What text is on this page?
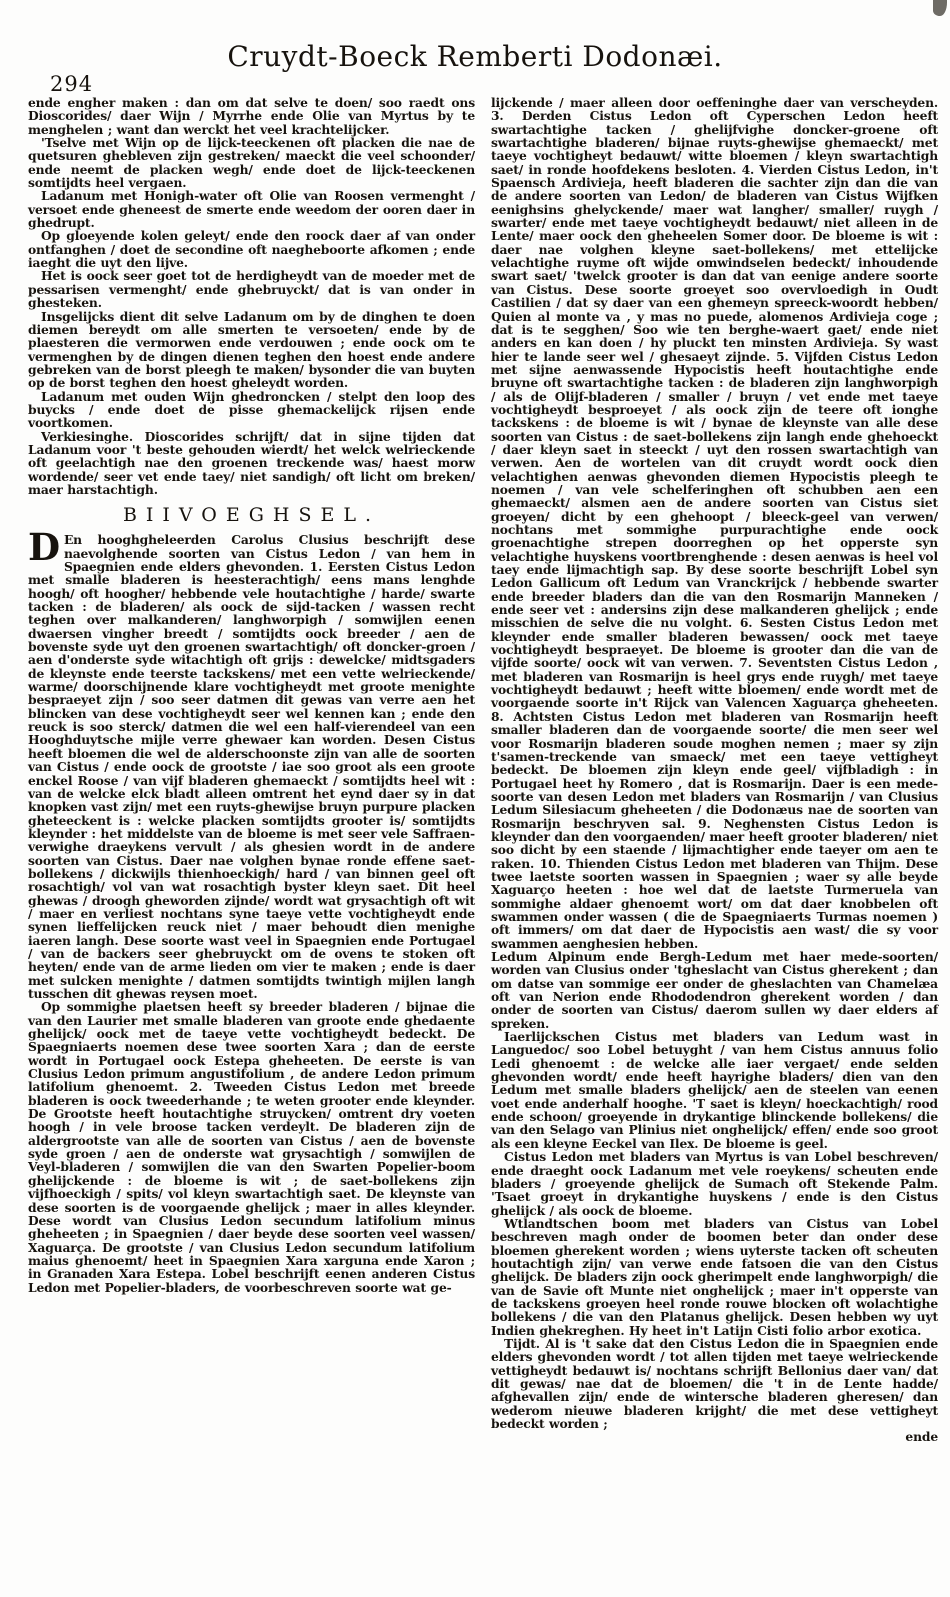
294
Cruydt-Boeck Remberti Dodonæi.

ende engher maken : dan om dat selve te doen/ soo raedt ons Dioscorides/ daer Wijn / Myrrhe ende Olie van Myrtus by te menghelen ; want dan werckt het veel krachtelijcker.

'Tselve met Wijn op de lijck-teeckenen oft placken die nae de quetsuren ghebleven zijn gestreken/ maeckt die veel schoonder/ ende neemt de placken wegh/ ende doet de lijck-teeckenen somtijdts heel vergaen.

Ladanum met Honigh-water oft Olie van Roosen vermenght / versoet ende gheneest de smerte ende weedom der ooren daer in ghedrupt.

Op gloeyende kolen geleyt/ ende den roock daer af van onder ontfanghen / doet de secondine oft naegheboorte afkomen ; ende iaeght die uyt den lijve.

Het is oock seer goet tot de herdigheydt van de moeder met de pessarisen vermenght/ ende ghebruyckt/ dat is van onder in ghesteken.

Insgelijcks dient dit selve Ladanum om by de dinghen te doen diemen bereydt om alle smerten te versoeten/ ende by de plaesteren die vermorwen ende verdouwen ; ende oock om te vermenghen by de dingen dienen teghen den hoest ende andere gebreken van de borst pleegh te maken/ bysonder die van buyten op de borst teghen den hoest gheleydt worden.

Ladanum met ouden Wijn ghedroncken / stelpt den loop des buycks / ende doet de pisse ghemackelijck rijsen ende voortkomen.

Verkiesinghe. Dioscorides schrijft/ dat in sijne tijden dat Ladanum voor 't beste gehouden wierdt/ het welck welrieckende oft geelachtigh nae den groenen treckende was/ haest morw wordende/ seer vet ende taey/ niet sandigh/ oft licht om breken/ maer harstachtigh.

BIIVOEGHSEL.

D En hooghgheleerden Carolus Clusius beschrijft dese naevolghende soorten van Cistus Ledon / van hem in Spaegnien ende elders ghevonden. 1. Eersten Cistus Ledon met smalle bladeren is heesterachtigh/ eens mans lenghde hoogh/ oft hoogher/ hebbende vele houtachtighe / harde/ swarte tacken : de bladeren/ als oock de sijd-tacken / wassen recht teghen over malkanderen/ langhworpigh / somwijlen eenen dwaersen vingher breedt / somtijdts oock breeder / aen de bovenste syde uyt den groenen swartachtigh/ oft doncker-groen / aen d'onderste syde witachtigh oft grijs : dewelcke/ midtsgaders de kleynste ende teerste tackskens/ met een vette welrieckende/ warme/ doorschijnende klare vochtigheydt met groote menighte bespraeyet zijn / soo seer datmen dit gewas van verre aen het blincken van dese vochtigheydt seer wel kennen kan ; ende den reuck is soo sterck/ datmen die wel een half-vierendeel van een Hooghduytsche mijle verre ghewaer kan worden. Desen Cistus heeft bloemen die wel de alderschoonste zijn van alle de soorten van Cistus / ende oock de grootste / iae soo groot als een groote enckel Roose / van vijf bladeren ghemaeckt / somtijdts heel wit : van de welcke elck bladt alleen omtrent het eynd daer sy in dat knopken vast zijn/ met een ruyts-ghewijse bruyn purpure placken gheteeckent is : welcke placken somtijdts grooter is/ somtijdts kleynder : het middelste van de bloeme is met seer vele Saffraen-verwighe draeykens vervult / als ghesien wordt in de andere soorten van Cistus. Daer nae volghen bynae ronde effene saet-bollekens / dickwijls thienhoeckigh/ hard / van binnen geel oft rosachtigh/ vol van wat rosachtigh byster kleyn saet. Dit heel ghewas / droogh gheworden zijnde/ wordt wat grysachtigh oft wit / maer en verliest nochtans syne taeye vette vochtigheydt ende synen lieffelijcken reuck niet / maer behoudt dien menighe iaeren langh. Dese soorte wast veel in Spaegnien ende Portugael / van de backers seer ghebruyckt om de ovens te stoken oft heyten/ ende van de arme lieden om vier te maken ; ende is daer met sulcken menighte / datmen somtijdts twintigh mijlen langh tusschen dit ghewas reysen moet.

Op sommighe plaetsen heeft sy breeder bladeren / bijnae die van den Laurier met smalle bladeren van groote ende ghedaente ghelijck/ oock met de taeye vette vochtigheydt bedeckt. De Spaegniaerts noemen dese twee soorten Xara ; dan de eerste wordt in Portugael oock Estepa gheheeten. De eerste is van Clusius Ledon primum angustifolium , de andere Ledon primum latifolium ghenoemt. 2. Tweeden Cistus Ledon met breede bladeren is oock tweederhande ; te weten grooter ende kleynder. De Grootste heeft houtachtighe struycken/ omtrent dry voeten hoogh / in vele broose tacken verdeylt. De bladeren zijn de aldergrootste van alle de soorten van Cistus / aen de bovenste syde groen / aen de onderste wat grysachtigh / somwijlen de Veyl-bladeren / somwijlen die van den Swarten Popelier-boom ghelijckende : de bloeme is wit ; de saet-bollekens zijn vijfhoeckigh / spits/ vol kleyn swartachtigh saet. De kleynste van dese soorten is de voorgaende ghelijck ; maer in alles kleynder. Dese wordt van Clusius Ledon secundum latifolium minus gheheeten ; in Spaegnien / daer beyde dese soorten veel wassen/ Xaguarça. De grootste / van Clusius Ledon secundum latifolium maius ghenoemt/ heet in Spaegnien Xara xarguna ende Xaron ; in Granaden Xara Estepa. Lobel beschrijft eenen anderen Cistus Ledon met Popelier-bladers, de voorbeschreven soorte wat ge-

lijckende / maer alleen door oeffeninghe daer van verscheyden. 3. Derden Cistus Ledon oft Cyperschen Ledon heeft swartachtighe tacken / ghelijfvighe doncker-groene oft swartachtighe bladeren/ bijnae ruyts-ghewijse ghemaeckt/ met taeye vochtigheyt bedauwt/ witte bloemen / kleyn swartachtigh saet/ in ronde hoofdekens besloten. 4. Vierden Cistus Ledon, in't Spaensch Ardivieja, heeft bladeren die sachter zijn dan die van de andere soorten van Ledon/ de bladeren van Cistus Wijfken eenighsins ghelyckende/ maer wat langher/ smaller/ ruygh / swarter/ ende met taeye vochtigheydt bedauwt/ niet alleen in de Lente/ maer oock den gheheelen Somer door. De bloeme is wit : daer nae volghen kleyne saet-bollekens/ met ettelijcke velachtighe ruyme oft wijde omwindselen bedeckt/ inhoudende swart saet/ 'twelck grooter is dan dat van eenige andere soorte van Cistus. Dese soorte groeyet soo overvloedigh in Oudt Castilien / dat sy daer van een ghemeyn spreeck-woordt hebben/ Quien al monte va , y mas no puede, alomenos Ardivieja coge ; dat is te segghen/ Soo wie ten berghe-waert gaet/ ende niet anders en kan doen / hy pluckt ten minsten Ardivieja. Sy wast hier te lande seer wel / ghesaeyt zijnde. 5. Vijfden Cistus Ledon met sijne aenwassende Hypocistis heeft houtachtighe ende bruyne oft swartachtighe tacken : de bladeren zijn langhworpigh / als de Olijf-bladeren / smaller / bruyn / vet ende met taeye vochtigheydt besproeyet / als oock zijn de teere oft ionghe tackskens : de bloeme is wit / bynae de kleynste van alle dese soorten van Cistus : de saet-bollekens zijn langh ende ghehoeckt / daer kleyn saet in steeckt / uyt den rossen swartachtigh van verwen. Aen de wortelen van dit cruydt wordt oock dien velachtighen aenwas ghevonden diemen Hypocistis pleegh te noemen / van vele schelferinghen oft schubben aen een ghemaeckt/ alsmen aen de andere soorten van Cistus siet groeyen/ dicht by een ghehoopt / bleeck-geel van verwen/ nochtans met sommighe purpurachtighe ende oock groenachtighe strepen doorreghen op het opperste syn velachtighe huyskens voortbrenghende : desen aenwas is heel vol taey ende lijmachtigh sap. By dese soorte beschrijft Lobel syn Ledon Gallicum oft Ledum van Vranckrijck / hebbende swarter ende breeder bladers dan die van den Rosmarijn Manneken / ende seer vet : andersins zijn dese malkanderen ghelijck ; ende misschien de selve die nu volght. 6. Sesten Cistus Ledon met kleynder ende smaller bladeren bewassen/ oock met taeye vochtigheydt bespraeyet. De bloeme is grooter dan die van de vijfde soorte/ oock wit van verwen. 7. Seventsten Cistus Ledon , met bladeren van Rosmarijn is heel grys ende ruygh/ met taeye vochtigheydt bedauwt ; heeft witte bloemen/ ende wordt met de voorgaende soorte in't Rijck van Valencen Xaguarça gheheeten. 8. Achtsten Cistus Ledon met bladeren van Rosmarijn heeft smaller bladeren dan de voorgaende soorte/ die men seer wel voor Rosmarijn bladeren soude moghen nemen ; maer sy zijn t'samen-treckende van smaeck/ met een taeye vettigheyt bedeckt. De bloemen zijn kleyn ende geel/ vijfbladigh : in Portugael heet hy Romero , dat is Rosmarijn. Daer is een mede-soorte van desen Ledon met bladers van Rosmarijn / van Clusius Ledum Silesiacum gheheeten / die Dodonæus nae de soorten van Rosmarijn beschryven sal. 9. Neghensten Cistus Ledon is kleynder dan den voorgaenden/ maer heeft grooter bladeren/ niet soo dicht by een staende / lijmachtigher ende taeyer om aen te raken. 10. Thienden Cistus Ledon met bladeren van Thijm. Dese twee laetste soorten wassen in Spaegnien ; waer sy alle beyde Xaguarço heeten : hoe wel dat de laetste Turmeruela van sommighe aldaer ghenoemt wort/ om dat daer knobbelen oft swammen onder wassen ( die de Spaegniaerts Turmas noemen ) oft immers/ om dat daer de Hypocistis aen wast/ die sy voor swammen aenghesien hebben.

Ledum Alpinum ende Bergh-Ledum met haer mede-soorten/ worden van Clusius onder 'tgheslacht van Cistus gherekent ; dan om datse van sommige eer onder de gheslachten van Chamelæa oft van Nerion ende Rhododendron gherekent worden / dan onder de soorten van Cistus/ daerom sullen wy daer elders af spreken.

Iaerlijckschen Cistus met bladers van Ledum wast in Languedoc/ soo Lobel betuyght / van hem Cistus annuus folio Ledi ghenoemt : de welcke alle iaer vergaet/ ende selden ghevonden wordt/ ende heeft hayrighe bladers/ dien van den Ledum met smalle bladers ghelijck/ aen de steelen van eenen voet ende anderhalf hooghe. 'T saet is kleyn/ hoeckachtigh/ rood ende schoon/ groeyende in drykantige blinckende bollekens/ die van den Selago van Plinius niet onghelijck/ effen/ ende soo groot als een kleyne Eeckel van Ilex. De bloeme is geel.

Cistus Ledon met bladers van Myrtus is van Lobel beschreven/ ende draeght oock Ladanum met vele roeykens/ scheuten ende bladers / groeyende ghelijck de Sumach oft Stekende Palm. 'Tsaet groeyt in drykantighe huyskens / ende is den Cistus ghelijck / als oock de bloeme.

Wtlandtschen boom met bladers van Cistus van Lobel beschreven magh onder de boomen beter dan onder dese bloemen gherekent worden ; wiens uyterste tacken oft scheuten houtachtigh zijn/ van verwe ende fatsoen die van den Cistus ghelijck. De bladers zijn oock gherimpelt ende langhworpigh/ die van de Savie oft Munte niet onghelijck ; maer in't opperste van de tackskens groeyen heel ronde rouwe blocken oft wolachtighe bollekens / die van den Platanus ghelijck. Desen hebben wy uyt Indien ghekreghen. Hy heet in't Latijn Cisti folio arbor exotica.

Tijdt. Al is 't sake dat den Cistus Ledon die in Spaegnien ende elders ghevonden wordt / tot allen tijden met taeye welrieckende vettigheydt bedauwt is/ nochtans schrijft Bellonius daer van/ dat dit gewas/ nae dat de bloemen/ die 't in de Lente hadde/ afghevallen zijn/ ende de wintersche bladeren gheresen/ dan wederom nieuwe bladeren krijght/ die met dese vettigheyt bedeckt worden ;

ende
